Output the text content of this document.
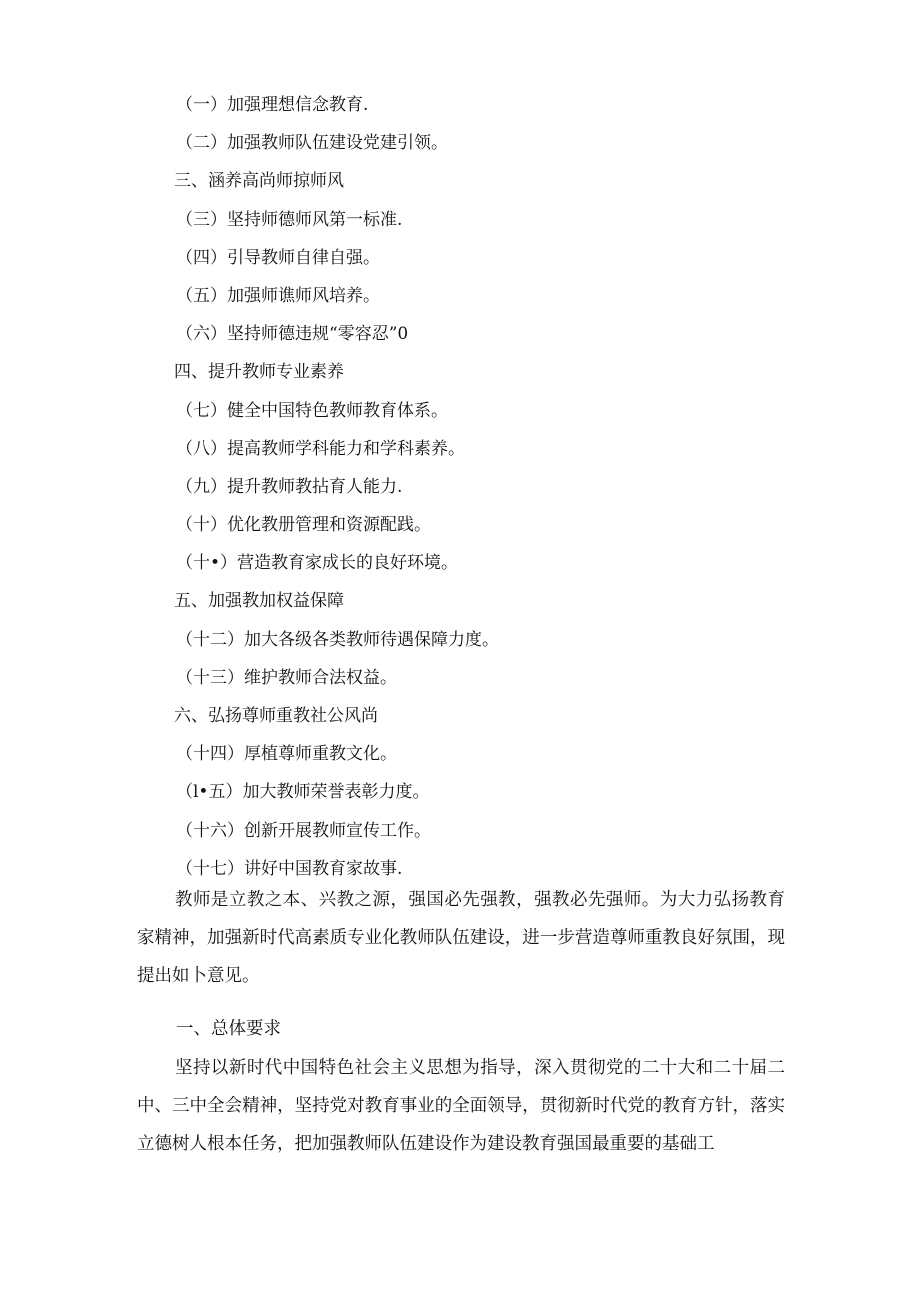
（一）加强理想信念教育.
（二）加强教师队伍建设党建引领。
三、涵养高尚师掠师风
（三）坚持师德师风第一标准.
（四）引导教师自律自强。
（五）加强师谯师风培养。
（六）坚持师德违规“零容忍”0
四、提升教师专业素养
（七）健全中国特色教师教育体系。
（八）提高教师学科能力和学科素养。
（九）提升教师教拈育人能力.
（十）优化教册管理和资源配践。
（十•）营造教育家成长的良好环境。
五、加强教加权益保障
（十二）加大各级各类教师待遇保障力度。
（十三）维护教师合法权益。
六、弘扬尊师重教社公风尚
（十四）厚植尊师重教文化。
（l•五）加大教师荣誉表彰力度。
（十六）创新开展教师宣传工作。
（十七）讲好中国教育家故事.

教师是立教之本、兴教之源，强国必先强教，强教必先强师。为大力弘扬教育家精神，加强新时代高素质专业化教师队伍建设，进一步营造尊师重教良好氛围，现提出如卜意见。

一、总体要求

坚持以新时代中国特色社会主义思想为指导，深入贯彻党的二十大和二十届二中、三中全会精神，坚持党对教育事业的全面领导，贯彻新时代党的教育方针，落实立德树人根本任务，把加强教师队伍建设作为建设教育强国最重要的基础工
